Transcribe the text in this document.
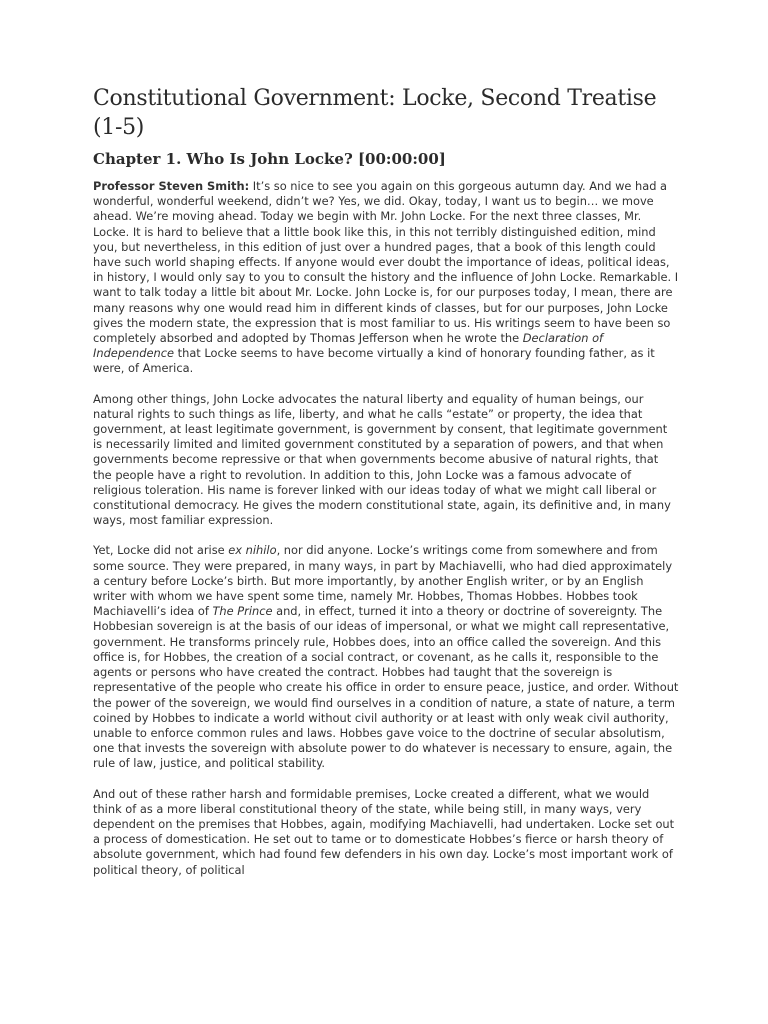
Constitutional Government: Locke, Second Treatise (1-5)
Chapter 1. Who Is John Locke? [00:00:00]

Professor Steven Smith: It’s so nice to see you again on this gorgeous autumn day. And we had a wonderful, wonderful weekend, didn’t we? Yes, we did. Okay, today, I want us to begin… we move ahead. We’re moving ahead. Today we begin with Mr. John Locke. For the next three classes, Mr. Locke. It is hard to believe that a little book like this, in this not terribly distinguished edition, mind you, but nevertheless, in this edition of just over a hundred pages, that a book of this length could have such world shaping effects. If anyone would ever doubt the importance of ideas, political ideas, in history, I would only say to you to consult the history and the influence of John Locke. Remarkable. I want to talk today a little bit about Mr. Locke. John Locke is, for our purposes today, I mean, there are many reasons why one would read him in different kinds of classes, but for our purposes, John Locke gives the modern state, the expression that is most familiar to us. His writings seem to have been so completely absorbed and adopted by Thomas Jefferson when he wrote the Declaration of Independence that Locke seems to have become virtually a kind of honorary founding father, as it were, of America.

Among other things, John Locke advocates the natural liberty and equality of human beings, our natural rights to such things as life, liberty, and what he calls “estate” or property, the idea that government, at least legitimate government, is government by consent, that legitimate government is necessarily limited and limited government constituted by a separation of powers, and that when governments become repressive or that when governments become abusive of natural rights, that the people have a right to revolution. In addition to this, John Locke was a famous advocate of religious toleration. His name is forever linked with our ideas today of what we might call liberal or constitutional democracy. He gives the modern constitutional state, again, its definitive and, in many ways, most familiar expression.

Yet, Locke did not arise ex nihilo, nor did anyone. Locke’s writings come from somewhere and from some source. They were prepared, in many ways, in part by Machiavelli, who had died approximately a century before Locke’s birth. But more importantly, by another English writer, or by an English writer with whom we have spent some time, namely Mr. Hobbes, Thomas Hobbes. Hobbes took Machiavelli’s idea of The Prince and, in effect, turned it into a theory or doctrine of sovereignty. The Hobbesian sovereign is at the basis of our ideas of impersonal, or what we might call representative, government. He transforms princely rule, Hobbes does, into an office called the sovereign. And this office is, for Hobbes, the creation of a social contract, or covenant, as he calls it, responsible to the agents or persons who have created the contract. Hobbes had taught that the sovereign is representative of the people who create his office in order to ensure peace, justice, and order. Without the power of the sovereign, we would find ourselves in a condition of nature, a state of nature, a term coined by Hobbes to indicate a world without civil authority or at least with only weak civil authority, unable to enforce common rules and laws. Hobbes gave voice to the doctrine of secular absolutism, one that invests the sovereign with absolute power to do whatever is necessary to ensure, again, the rule of law, justice, and political stability.

And out of these rather harsh and formidable premises, Locke created a different, what we would think of as a more liberal constitutional theory of the state, while being still, in many ways, very dependent on the premises that Hobbes, again, modifying Machiavelli, had undertaken. Locke set out a process of domestication. He set out to tame or to domesticate Hobbes’s fierce or harsh theory of absolute government, which had found few defenders in his own day. Locke’s most important work of political theory, of political
